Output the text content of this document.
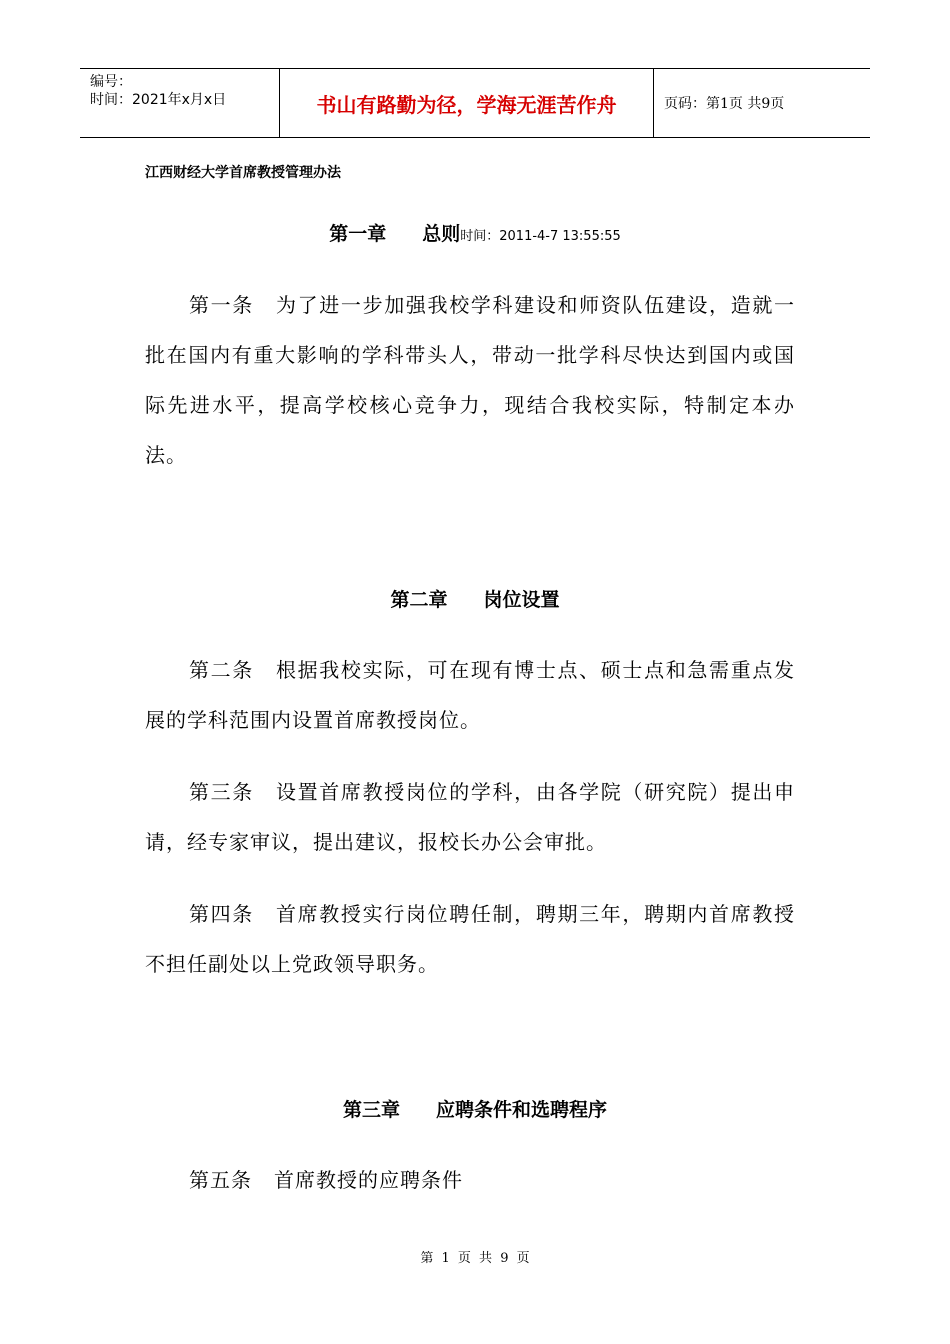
编号：
时间：2021年x月x日	书山有路勤为径，学海无涯苦作舟	页码：第1页 共9页
江西财经大学首席教授管理办法
第一章 总则时间：2011-4-7 13:55:55
第一条 为了进一步加强我校学科建设和师资队伍建设，造就一批在国内有重大影响的学科带头人，带动一批学科尽快达到国内或国际先进水平，提高学校核心竞争力，现结合我校实际，特制定本办法。
第二章 岗位设置
第二条 根据我校实际，可在现有博士点、硕士点和急需重点发展的学科范围内设置首席教授岗位。
第三条 设置首席教授岗位的学科，由各学院（研究院）提出申请，经专家审议，提出建议，报校长办公会审批。
第四条 首席教授实行岗位聘任制，聘期三年，聘期内首席教授不担任副处以上党政领导职务。
第三章 应聘条件和选聘程序
第五条 首席教授的应聘条件
第 1 页 共 9 页
